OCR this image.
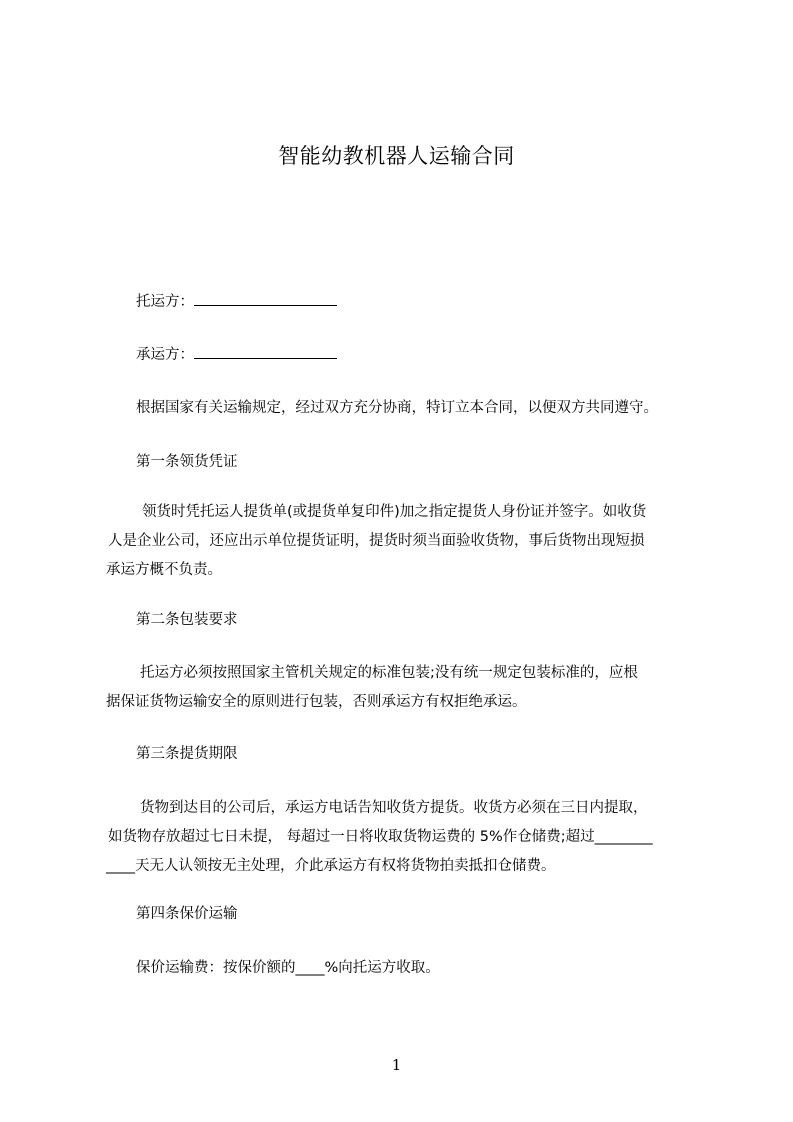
智能幼教机器人运输合同
托运方：
承运方：
根据国家有关运输规定，经过双方充分协商，特订立本合同，以便双方共同遵守。
第一条领货凭证
领货时凭托运人提货单(或提货单复印件)加之指定提货人身份证并签字。如收货
人是企业公司，还应出示单位提货证明，提货时须当面验收货物，事后货物出现短损
承运方概不负责。
第二条包装要求
托运方必须按照国家主管机关规定的标准包装;没有统一规定包装标准的，应根
据保证货物运输安全的原则进行包装，否则承运方有权拒绝承运。
第三条提货期限
货物到达目的公司后，承运方电话告知收货方提货。收货方必须在三日内提取，
如货物存放超过七日未提， 每超过一日将收取货物运费的 5%作仓储费;超过________
____天无人认领按无主处理，介此承运方有权将货物拍卖抵扣仓储费。
第四条保价运输
保价运输费：按保价额的____%向托运方收取。
1
